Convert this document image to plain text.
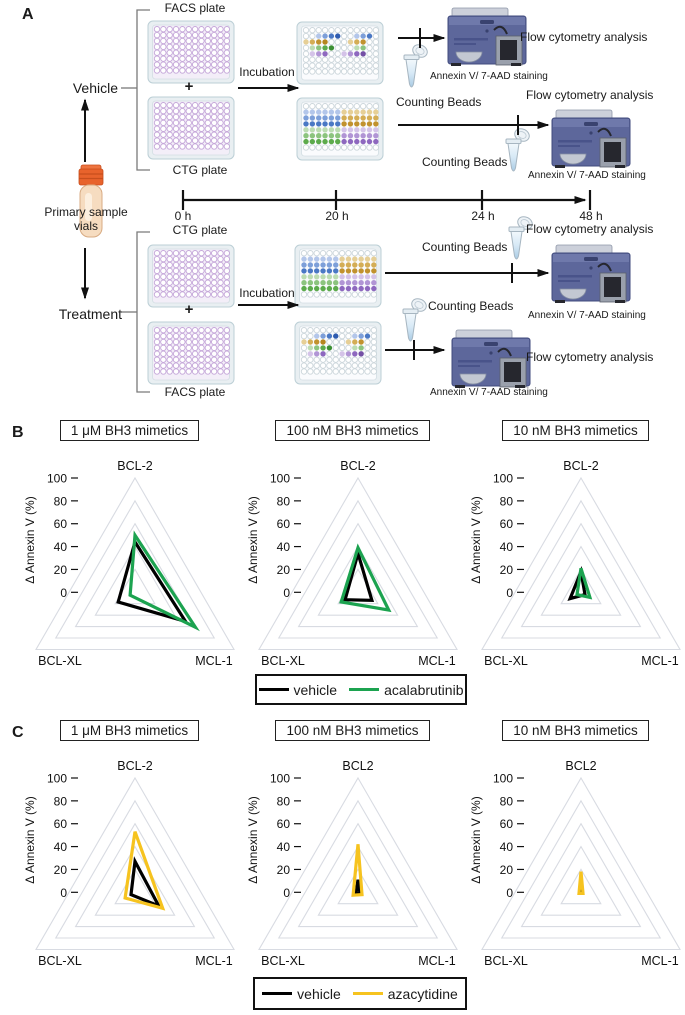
A	FACS plate
+
CTG plate
Vehicle
Incubation
Flow cytometry analysis
Annexin V/ 7-AAD staining
Counting Beads	Flow cytometry analysis
Counting Beads
Annexin V/ 7-AAD staining
0 h	20 h	24 h	48 h
Primary sample vials
Treatment
CTG plate
+
FACS plate
Incubation
Counting Beads
Flow cytometry analysis
Annexin V/ 7-AAD staining
Counting Beads
Flow cytometry analysis
Annexin V/ 7-AAD staining
B	1 μM BH3 mimetics	100 nM BH3 mimetics	10 nM BH3 mimetics
0
20
40
60
80
100
BCL-2
MCL-1
BCL-XL
Δ Annexin V (%)
0
20
40
60
80
100
BCL-2
MCL-1
BCL-XL
Δ Annexin V (%)
0
20
40
60
80
100
BCL-2
MCL-1
BCL-XL
Δ Annexin V (%)
vehicle	acalabrutinib
C	1 μM BH3 mimetics	100 nM BH3 mimetics	10 nM BH3 mimetics
0
20
40
60
80
100
BCL-2
MCL-1
BCL-XL
Δ Annexin V (%)
0
20
40
60
80
100
BCL2
MCL-1
BCL-XL
Δ Annexin V (%)
0
20
40
60
80
100
BCL2
MCL-1
BCL-XL
Δ Annexin V (%)
vehicle	azacytidine
